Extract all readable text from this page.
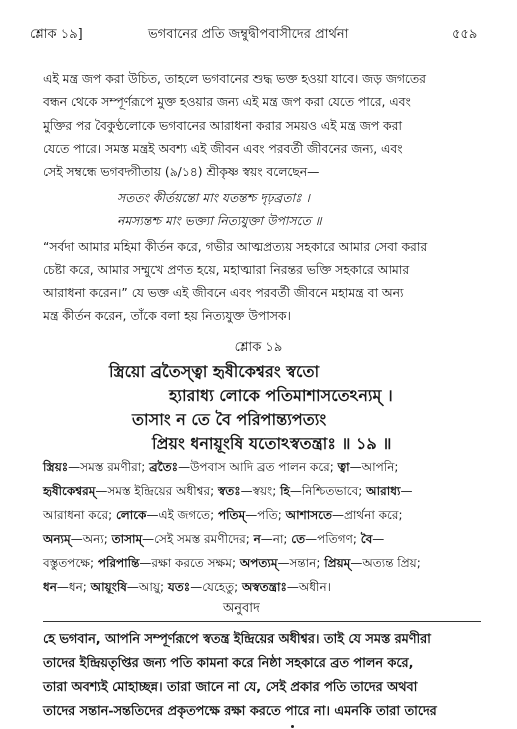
শ্লোক ১৯]	ভগবানের প্রতি জম্বুদ্বীপবাসীদের প্রার্থনা	৫৫৯
এই মন্ত্র জপ করা উচিত, তাহলে ভগবানের শুদ্ধ ভক্ত হওয়া যাবে। জড় জগতের
বন্ধন থেকে সম্পূর্ণরূপে মুক্ত হওয়ার জন্য এই মন্ত্র জপ করা যেতে পারে, এবং
মুক্তির পর বৈকুণ্ঠলোকে ভগবানের আরাধনা করার সময়ও এই মন্ত্র জপ করা
যেতে পারে। সমস্ত মন্ত্রই অবশ্য এই জীবন এবং পরবর্তী জীবনের জন্য, এবং
সেই সম্বন্ধে ভগবদ্গীতায় (৯/১৪) শ্রীকৃষ্ণ স্বয়ং বলেছেন—
সততং কীর্তয়ন্তো মাং যতন্তশ্চ দৃঢ়ব্রতাঃ ।
নমস্যন্তশ্চ মাং ভক্ত্যা নিত্যযুক্তা উপাসতে ॥
“সর্বদা আমার মহিমা কীর্তন করে, গভীর আত্মপ্রত্যয় সহকারে আমার সেবা করার
চেষ্টা করে, আমার সম্মুখে প্রণত হয়ে, মহাত্মারা নিরন্তর ভক্তি সহকারে আমার
আরাধনা করেন।” যে ভক্ত এই জীবনে এবং পরবর্তী জীবনে মহামন্ত্র বা অন্য
মন্ত্র কীর্তন করেন, তাঁকে বলা হয় নিত্যযুক্ত উপাসক।
শ্লোক ১৯
স্ত্রিয়ো ব্রতৈস্ত্বা হৃষীকেশ্বরং স্বতো
হ্যারাধ্য লোকে পতিমাশাসতেঽন্যম্ ।
তাসাং ন তে বৈ পরিপান্ত্যপত্যং
প্রিয়ং ধনায়ূংষি যতোঽস্বতন্ত্রাঃ ॥ ১৯ ॥
স্ত্রিয়ঃ—সমস্ত রমণীরা; ব্রতৈঃ—উপবাস আদি ব্রত পালন করে; ত্বা—আপনি;
হৃষীকেশ্বরম্—সমস্ত ইন্দ্রিয়ের অধীশ্বর; স্বতঃ—স্বয়ং; হি—নিশ্চিতভাবে; আরাধ্য—
আরাধনা করে; লোকে—এই জগতে; পতিম্—পতি; আশাসতে—প্রার্থনা করে;
অন্যম্—অন্য; তাসাম্—সেই সমস্ত রমণীদের; ন—না; তে—পতিগণ; বৈ—
বস্তুতপক্ষে; পরিপান্তি—রক্ষা করতে সক্ষম; অপত্যম্—সন্তান; প্রিয়ম্—অত্যন্ত প্রিয়;
ধন—ধন; আয়ূংষি—আয়ু; যতঃ—যেহেতু; অস্বতন্ত্রাঃ—অধীন।
অনুবাদ
হে ভগবান, আপনি সম্পূর্ণরূপে স্বতন্ত্র ইন্দ্রিয়ের অধীশ্বর। তাই যে সমস্ত রমণীরা
তাদের ইন্দ্রিয়তৃপ্তির জন্য পতি কামনা করে নিষ্ঠা সহকারে ব্রত পালন করে,
তারা অবশ্যই মোহাচ্ছন্ন। তারা জানে না যে, সেই প্রকার পতি তাদের অথবা
তাদের সন্তান-সন্ততিদের প্রকৃতপক্ষে রক্ষা করতে পারে না। এমনকি তারা তাদের
